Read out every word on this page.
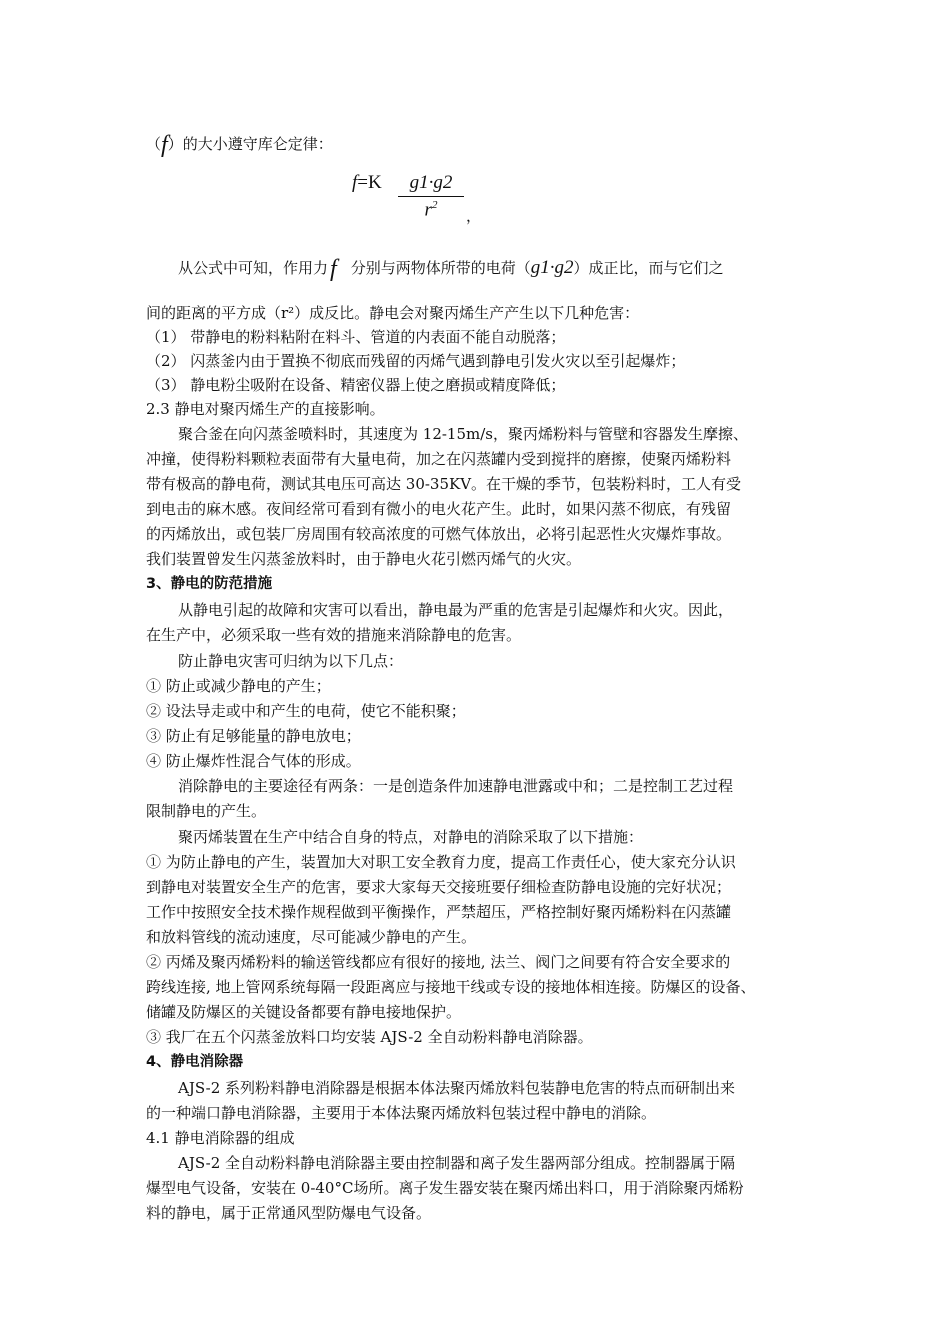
（f）的大小遵守库仑定律：
f=K	g1·g2
$r^2$
，
从公式中可知，作用力f 分别与两物体所带的电荷（g1·g2）成正比，而与它们之
间的距离的平方成（r²）成反比。静电会对聚丙烯生产产生以下几种危害：
（1） 带静电的粉料粘附在料斗、管道的内表面不能自动脱落；
（2） 闪蒸釜内由于置换不彻底而残留的丙烯气遇到静电引发火灾以至引起爆炸；
（3） 静电粉尘吸附在设备、精密仪器上使之磨损或精度降低；
2.3 静电对聚丙烯生产的直接影响。
聚合釜在向闪蒸釜喷料时，其速度为 12-15m/s，聚丙烯粉料与管壁和容器发生摩擦、
冲撞，使得粉料颗粒表面带有大量电荷，加之在闪蒸罐内受到搅拌的磨擦，使聚丙烯粉料
带有极高的静电荷，测试其电压可高达 30-35KV。在干燥的季节，包装粉料时，工人有受
到电击的麻木感。夜间经常可看到有微小的电火花产生。此时，如果闪蒸不彻底，有残留
的丙烯放出，或包装厂房周围有较高浓度的可燃气体放出，必将引起恶性火灾爆炸事故。
我们装置曾发生闪蒸釜放料时，由于静电火花引燃丙烯气的火灾。
3、静电的防范措施
从静电引起的故障和灾害可以看出，静电最为严重的危害是引起爆炸和火灾。因此，
在生产中，必须采取一些有效的措施来消除静电的危害。
防止静电灾害可归纳为以下几点：
① 防止或减少静电的产生；
② 设法导走或中和产生的电荷，使它不能积聚；
③ 防止有足够能量的静电放电；
④ 防止爆炸性混合气体的形成。
消除静电的主要途径有两条：一是创造条件加速静电泄露或中和；二是控制工艺过程
限制静电的产生。
聚丙烯装置在生产中结合自身的特点，对静电的消除采取了以下措施：
① 为防止静电的产生，装置加大对职工安全教育力度，提高工作责任心，使大家充分认识
到静电对装置安全生产的危害，要求大家每天交接班要仔细检查防静电设施的完好状况；
工作中按照安全技术操作规程做到平衡操作，严禁超压，严格控制好聚丙烯粉料在闪蒸罐
和放料管线的流动速度，尽可能减少静电的产生。
② 丙烯及聚丙烯粉料的输送管线都应有很好的接地, 法兰、阀门之间要有符合安全要求的
跨线连接, 地上管网系统每隔一段距离应与接地干线或专设的接地体相连接。防爆区的设备、
储罐及防爆区的关键设备都要有静电接地保护。
③ 我厂在五个闪蒸釜放料口均安装 AJS-2 全自动粉料静电消除器。
4、静电消除器
AJS-2 系列粉料静电消除器是根据本体法聚丙烯放料包装静电危害的特点而研制出来
的一种端口静电消除器，主要用于本体法聚丙烯放料包装过程中静电的消除。
4.1 静电消除器的组成
AJS-2 全自动粉料静电消除器主要由控制器和离子发生器两部分组成。控制器属于隔
爆型电气设备，安装在 0-40°C场所。离子发生器安装在聚丙烯出料口，用于消除聚丙烯粉
料的静电，属于正常通风型防爆电气设备。
